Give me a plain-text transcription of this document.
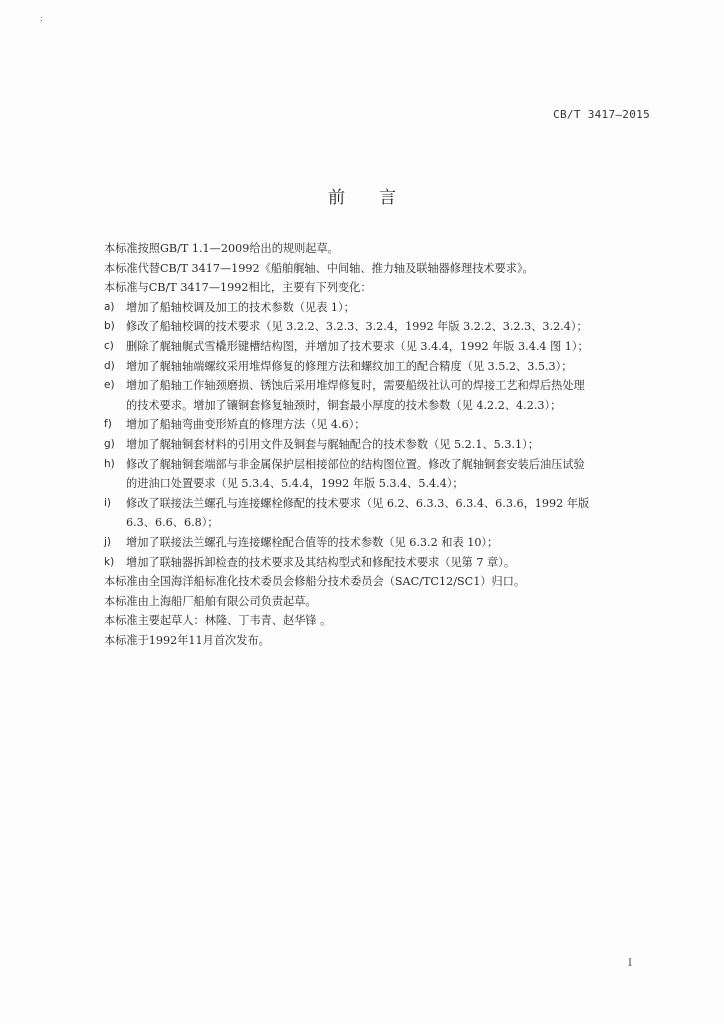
;
CB/T 3417—2015
前言
本标准按照GB/T 1.1—2009给出的规则起草。
本标准代替CB/T 3417—1992《船舶艉轴、中间轴、推力轴及联轴器修理技术要求》。
本标准与CB/T 3417—1992相比，主要有下列变化：
a)	增加了船轴校调及加工的技术参数（见表 1）；
b)	修改了船轴校调的技术要求（见 3.2.2、3.2.3、3.2.4，1992 年版 3.2.2、3.2.3、3.2.4）；
c)	删除了艉轴艉式雪橇形键槽结构图，并增加了技术要求（见 3.4.4，1992 年版 3.4.4 图 1）；
d)	增加了艉轴轴端螺纹采用堆焊修复的修理方法和螺纹加工的配合精度（见 3.5.2、3.5.3）；
e)	增加了船轴工作轴颈磨损、锈蚀后采用堆焊修复时，需要船级社认可的焊接工艺和焊后热处理
的技术要求。增加了镶铜套修复轴颈时，铜套最小厚度的技术参数（见 4.2.2、4.2.3）；
f)	增加了船轴弯曲变形矫直的修理方法（见 4.6）；
g)	增加了艉轴铜套材料的引用文件及铜套与艉轴配合的技术参数（见 5.2.1、5.3.1）；
h)	修改了艉轴铜套端部与非金属保护层相接部位的结构图位置。修改了艉轴铜套安装后油压试验
的进油口处置要求（见 5.3.4、5.4.4，1992 年版 5.3.4、5.4.4）；
i)	修改了联接法兰螺孔与连接螺栓修配的技术要求（见 6.2、6.3.3、6.3.4、6.3.6，1992 年版
6.3、6.6、6.8）；
j)	增加了联接法兰螺孔与连接螺栓配合值等的技术参数（见 6.3.2 和表 10）；
k)	增加了联轴器拆卸检查的技术要求及其结构型式和修配技术要求（见第 7 章）。
本标准由全国海洋船标准化技术委员会修船分技术委员会（SAC/TC12/SC1）归口。
本标准由上海船厂船舶有限公司负责起草。
本标准主要起草人：林隆、丁韦青、赵华锋 。
本标准于1992年11月首次发布。
I
